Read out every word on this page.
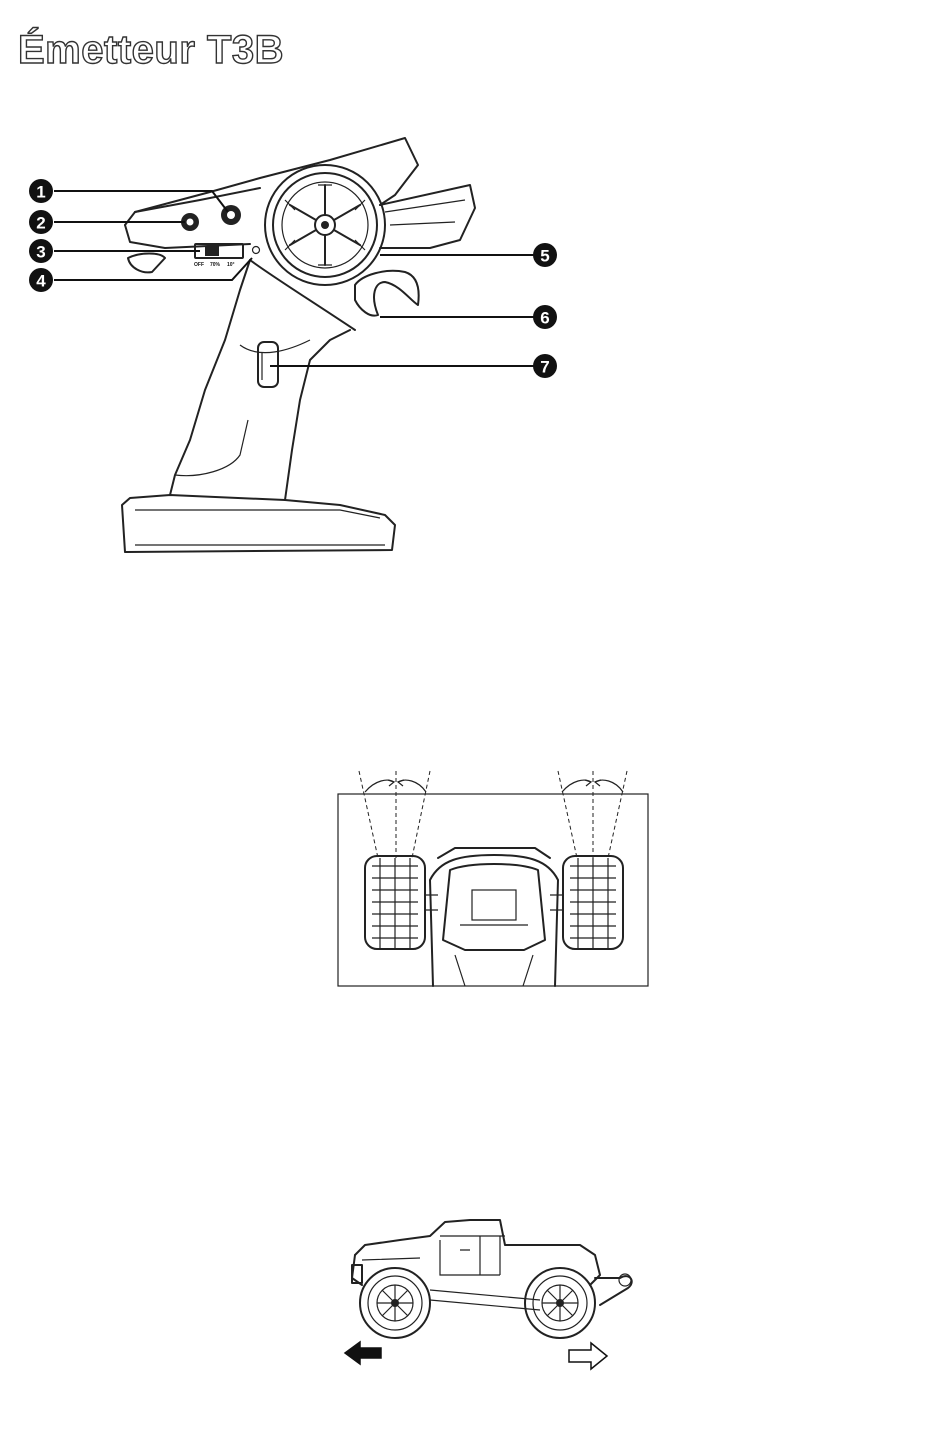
Émetteur T3B
OFF 70% 10°
1
2
3
4
5
6
7
